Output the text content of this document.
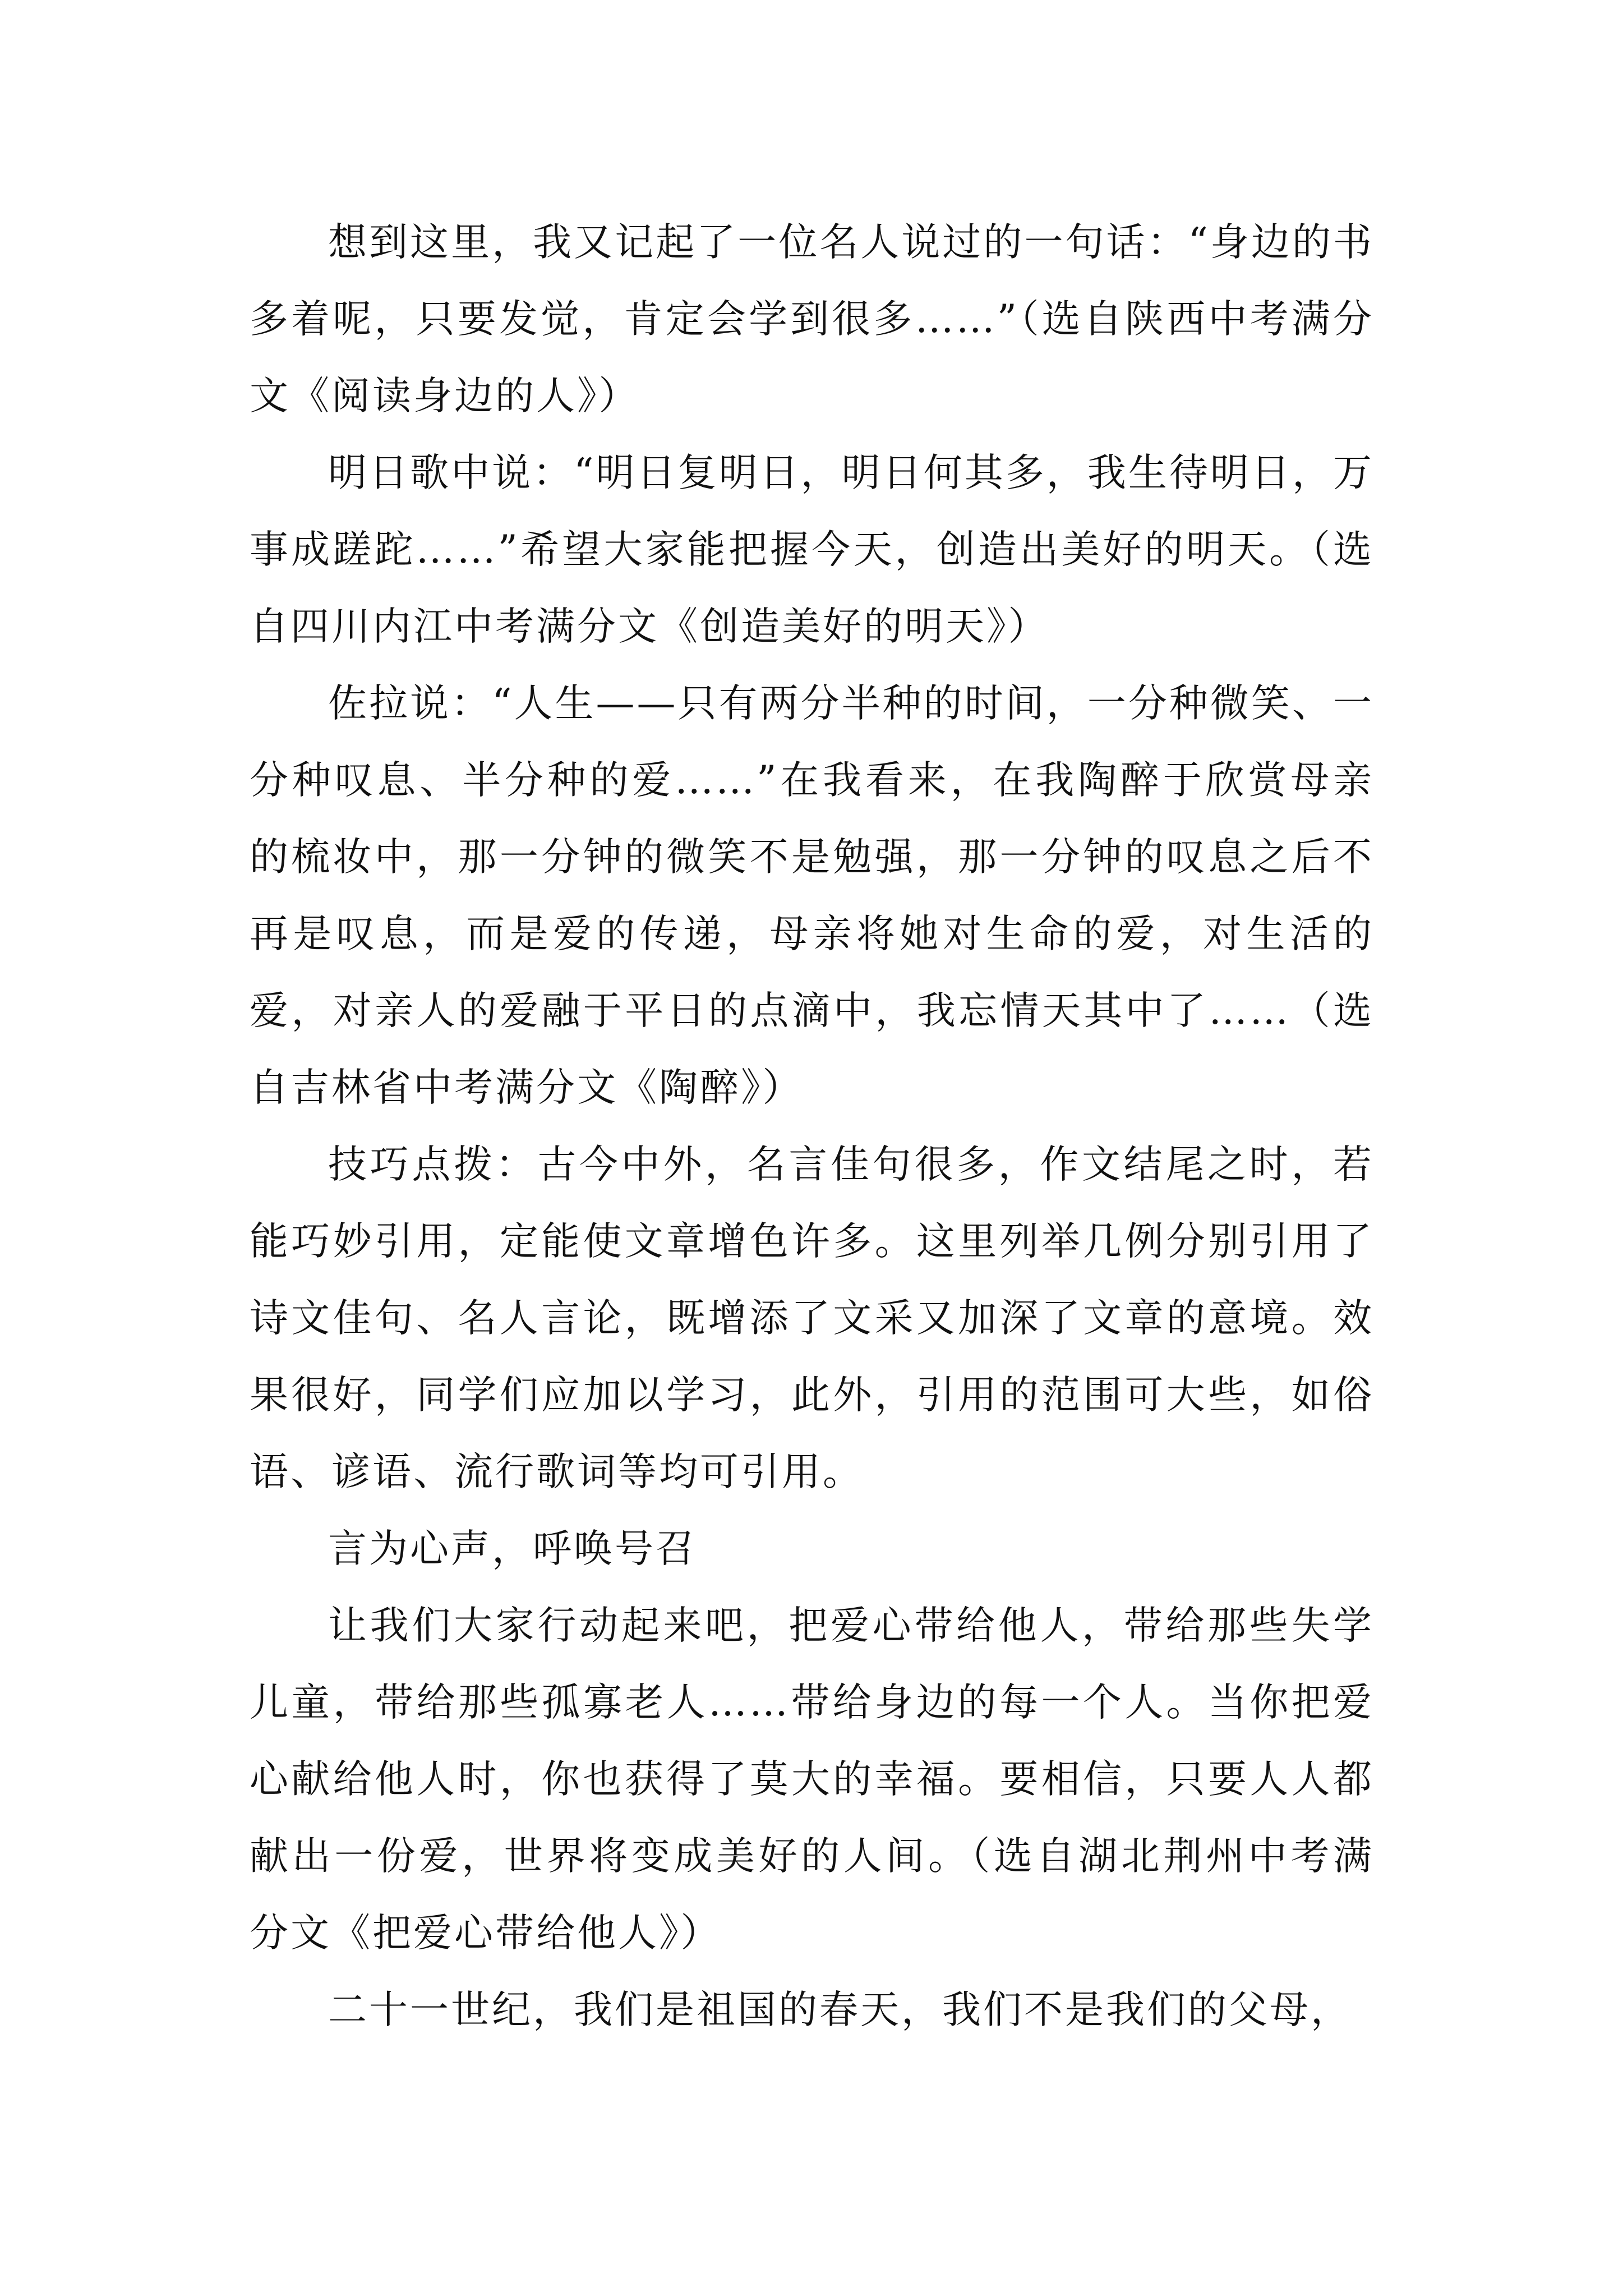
想到这里，我又记起了一位名人说过的一句话：“身边的书多着呢，只要发觉，肯定会学到很多……”（选自陕西中考满分文《阅读身边的人》）

明日歌中说：“明日复明日，明日何其多，我生待明日，万事成蹉跎……”希望大家能把握今天，创造出美好的明天。（选自四川内江中考满分文《创造美好的明天》）

佐拉说：“人生——只有两分半种的时间，一分种微笑、一分种叹息、半分种的爱……”在我看来，在我陶醉于欣赏母亲的梳妆中，那一分钟的微笑不是勉强，那一分钟的叹息之后不再是叹息，而是爱的传递，母亲将她对生命的爱，对生活的爱，对亲人的爱融于平日的点滴中，我忘情天其中了……（选自吉林省中考满分文《陶醉》）

技巧点拨：古今中外，名言佳句很多，作文结尾之时，若能巧妙引用，定能使文章增色许多。这里列举几例分别引用了诗文佳句、名人言论，既增添了文采又加深了文章的意境。效果很好，同学们应加以学习，此外，引用的范围可大些，如俗语、谚语、流行歌词等均可引用。

言为心声，呼唤号召

让我们大家行动起来吧，把爱心带给他人，带给那些失学儿童，带给那些孤寡老人……带给身边的每一个人。当你把爱心献给他人时，你也获得了莫大的幸福。要相信，只要人人都献出一份爱，世界将变成美好的人间。（选自湖北荆州中考满分文《把爱心带给他人》）

二十一世纪，我们是祖国的春天，我们不是我们的父母，
